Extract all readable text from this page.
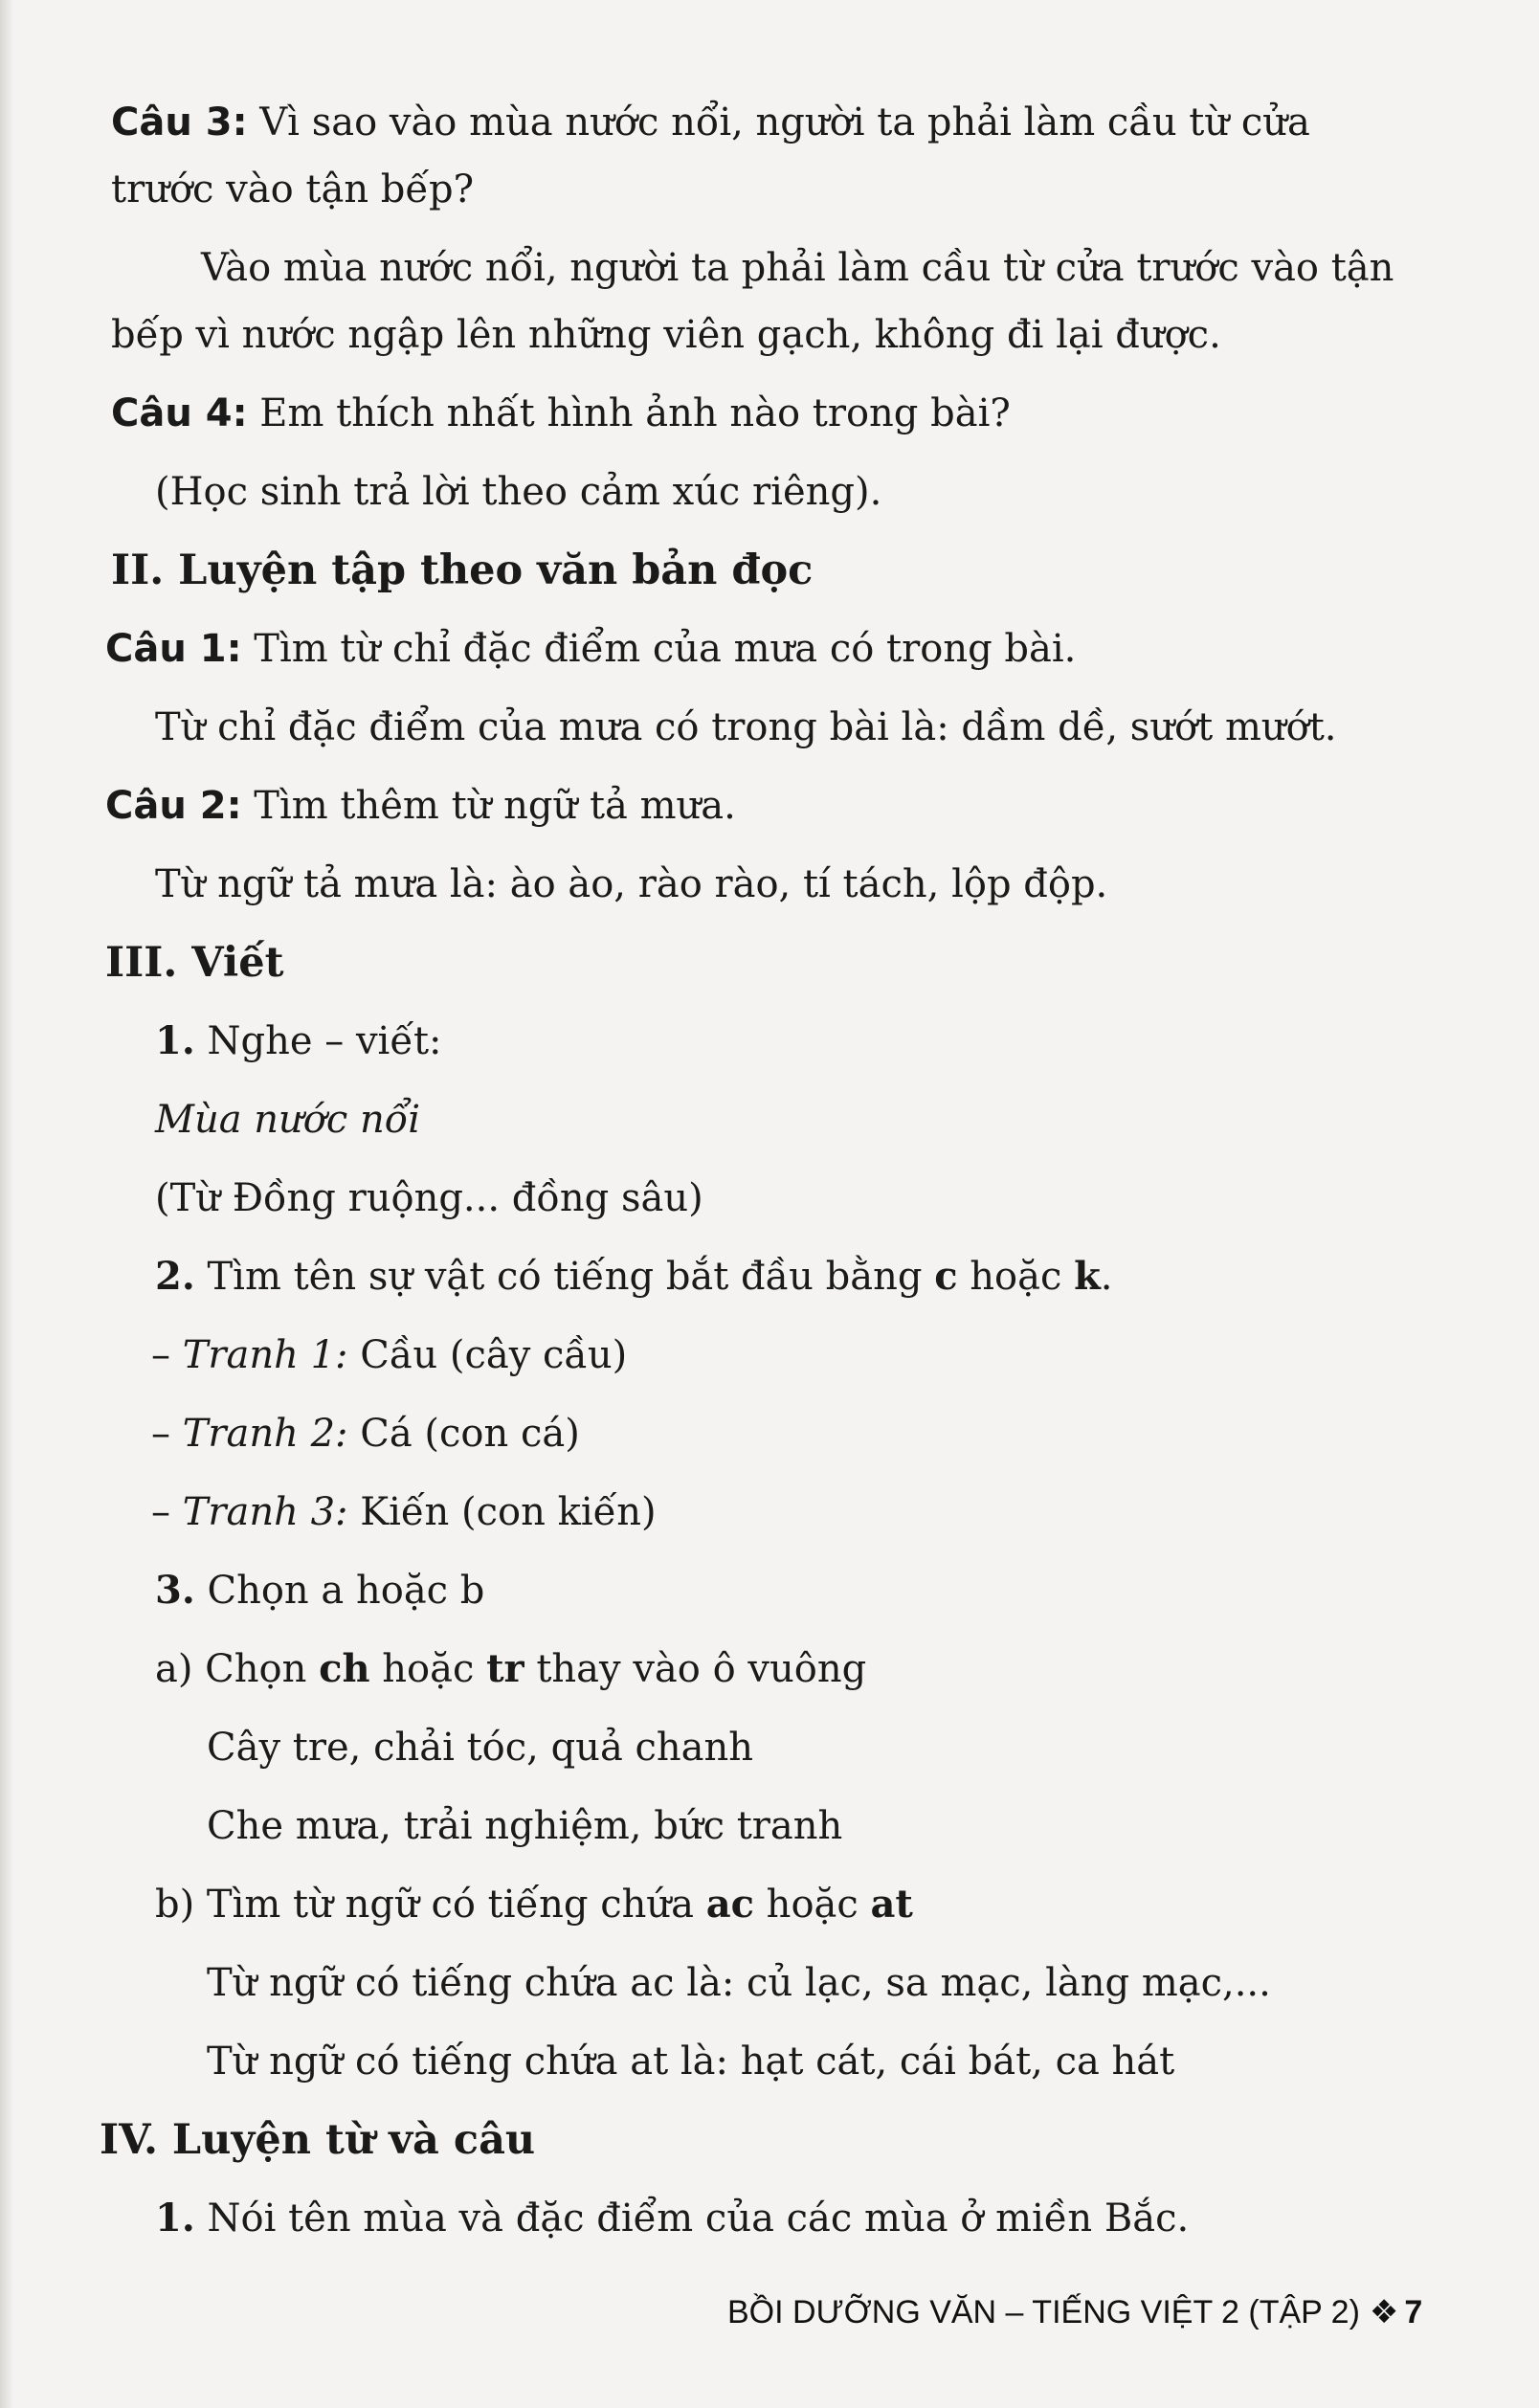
Câu 3: Vì sao vào mùa nước nổi, người ta phải làm cầu từ cửa
trước vào tận bếp?
Vào mùa nước nổi, người ta phải làm cầu từ cửa trước vào tận
bếp vì nước ngập lên những viên gạch, không đi lại được.
Câu 4: Em thích nhất hình ảnh nào trong bài?
(Học sinh trả lời theo cảm xúc riêng).
II. Luyện tập theo văn bản đọc
Câu 1: Tìm từ chỉ đặc điểm của mưa có trong bài.
Từ chỉ đặc điểm của mưa có trong bài là: dầm dề, sướt mướt.
Câu 2: Tìm thêm từ ngữ tả mưa.
Từ ngữ tả mưa là: ào ào, rào rào, tí tách, lộp độp.
III. Viết
1. Nghe – viết:
Mùa nước nổi
(Từ Đồng ruộng... đồng sâu)
2. Tìm tên sự vật có tiếng bắt đầu bằng c hoặc k.
– Tranh 1: Cầu (cây cầu)
– Tranh 2: Cá (con cá)
– Tranh 3: Kiến (con kiến)
3. Chọn a hoặc b
a) Chọn ch hoặc tr thay vào ô vuông
Cây tre, chải tóc, quả chanh
Che mưa, trải nghiệm, bức tranh
b) Tìm từ ngữ có tiếng chứa ac hoặc at
Từ ngữ có tiếng chứa ac là: củ lạc, sa mạc, làng mạc,...
Từ ngữ có tiếng chứa at là: hạt cát, cái bát, ca hát
IV. Luyện từ và câu
1. Nói tên mùa và đặc điểm của các mùa ở miền Bắc.
BỒI DƯỠNG VĂN – TIẾNG VIỆT 2 (TẬP 2) ❖ 7
